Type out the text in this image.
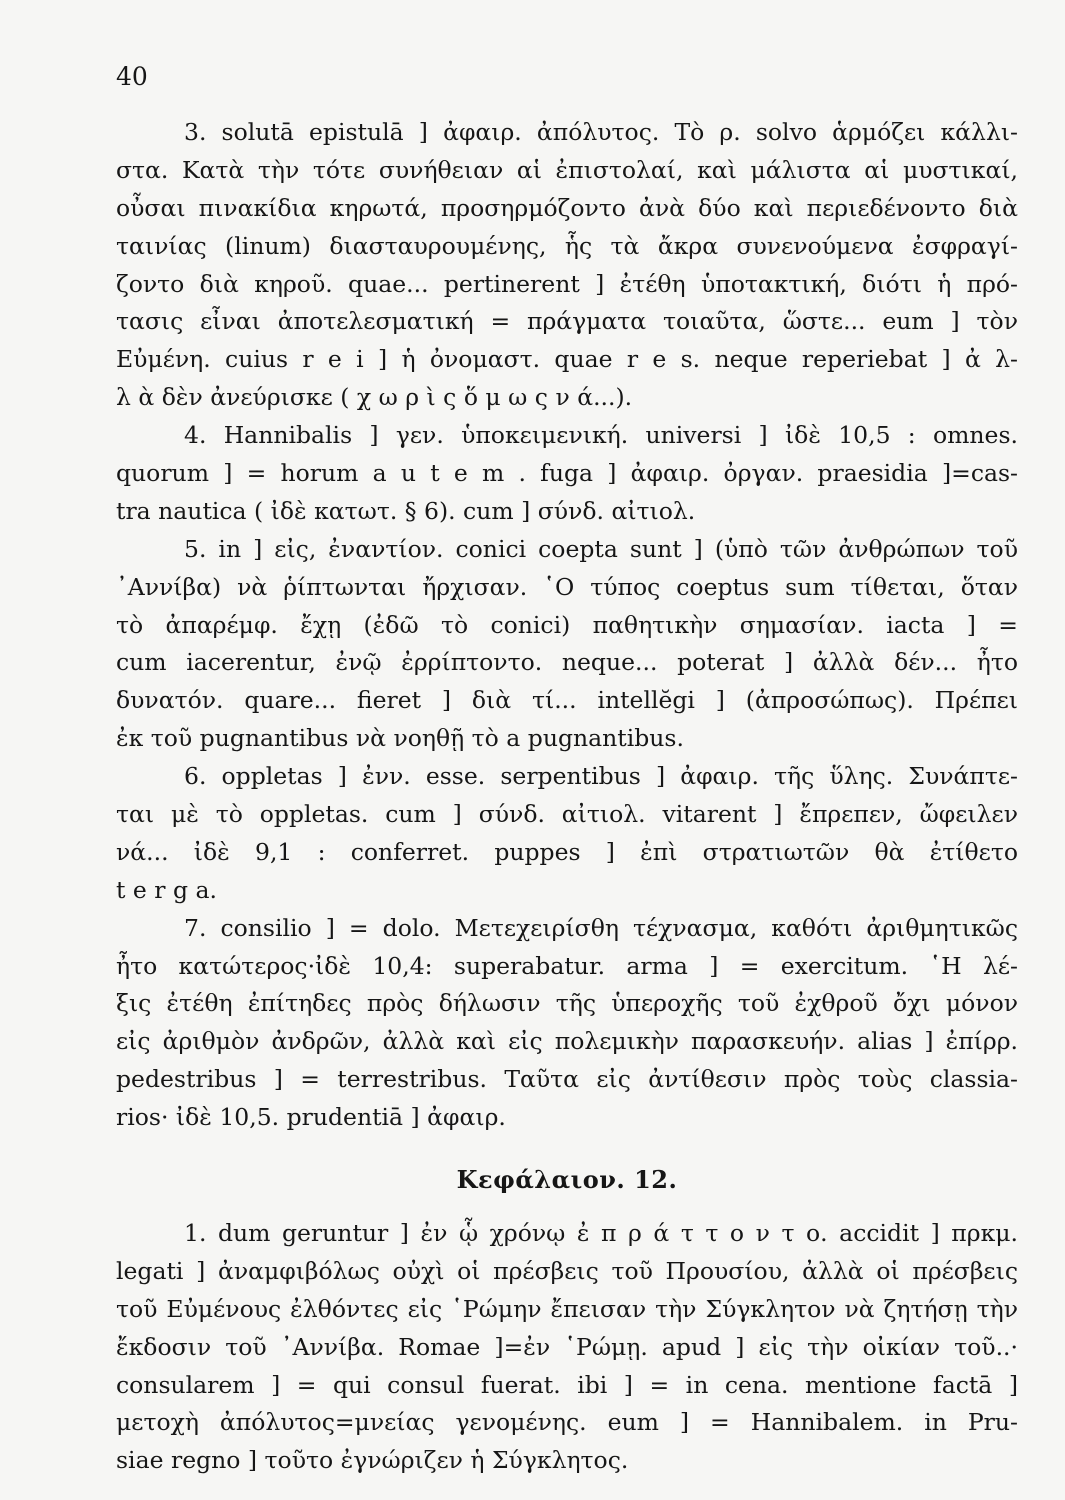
40
3. solutā epistulā ] ἀφαιρ. ἀπόλυτος. Τὸ ρ. solvo ἁρμόζει κάλλι-
στα. Κατὰ τὴν τότε συνήθειαν αἱ ἐπιστολαί, καὶ μάλιστα αἱ μυστικαί,
οὖσαι πινακίδια κηρωτά, προσηρμόζοντο ἀνὰ δύο καὶ περιεδένοντο διὰ
ταινίας (linum) διασταυρουμένης, ἧς τὰ ἄκρα συνενούμενα ἐσφραγί-
ζοντο διὰ κηροῦ. quae... pertinerent ] ἐτέθη ὑποτακτική, διότι ἡ πρό-
τασις εἶναι ἀποτελεσματική = πράγματα τοιαῦτα, ὥστε... eum ] τὸν
Εὐμένη. cuius r e i ] ἡ ὀνομαστ. quae r e s. neque reperiebat ] ἀ λ-
λ ὰ δὲν ἀνεύρισκε ( χ ω ρ ὶ ς ὅ μ ω ς ν ά...).
4. Hannibalis ] γεν. ὑποκειμενική. universi ] ἰδὲ 10,5 : omnes.
quorum ] = horum a u t e m . fuga ] ἀφαιρ. ὀργαν. praesidia ]=cas-
tra nautica ( ἰδὲ κατωτ. § 6). cum ] σύνδ. αἰτιολ.
5. in ] εἰς, ἐναντίον. conici coepta sunt ] (ὑπὸ τῶν ἀνθρώπων τοῦ
᾿Αννίβα) νὰ ῥίπτωνται ἤρχισαν. ῾Ο τύπος coeptus sum τίθεται, ὅταν
τὸ ἀπαρέμφ. ἔχῃ (ἐδῶ τὸ conici) παθητικὴν σημασίαν. iacta ] =
cum iacerentur, ἐνῷ ἐρρίπτοντο. neque... poterat ] ἀλλὰ δέν... ἦτο
δυνατόν. quare... fieret ] διὰ τί... intellĕgi ] (ἀπροσώπως). Πρέπει
ἐκ τοῦ pugnantibus νὰ νοηθῇ τὸ a pugnantibus.
6. oppletas ] ἐνν. esse. serpentibus ] ἀφαιρ. τῆς ὕλης. Συνάπτε-
ται μὲ τὸ oppletas. cum ] σύνδ. αἰτιολ. vitarent ] ἔπρεπεν, ὤφειλεν
νά... ἰδὲ 9,1 : conferret. puppes ] ἐπὶ στρατιωτῶν θὰ ἐτίθετο
t e r g a.
7. consilio ] = dolo. Μετεχειρίσθη τέχνασμα, καθότι ἀριθμητικῶς
ἦτο κατώτερος·ἰδὲ 10,4: superabatur. arma ] = exercitum. ῾Η λέ-
ξις ἐτέθη ἐπίτηδες πρὸς δήλωσιν τῆς ὑπεροχῆς τοῦ ἐχθροῦ ὄχι μόνον
εἰς ἀριθμὸν ἀνδρῶν, ἀλλὰ καὶ εἰς πολεμικὴν παρασκευήν. alias ] ἐπίρρ.
pedestribus ] = terrestribus. Ταῦτα εἰς ἀντίθεσιν πρὸς τοὺς classia-
rios· ἰδὲ 10,5. prudentiā ] ἀφαιρ.
Κεφάλαιον. 12.
1. dum geruntur ] ἐν ᾧ χρόνῳ ἐ π ρ ά τ τ ο ν τ ο. accidit ] πρκμ.
legati ] ἀναμφιβόλως οὐχὶ οἱ πρέσβεις τοῦ Προυσίου, ἀλλὰ οἱ πρέσβεις
τοῦ Εὐμένους ἐλθόντες εἰς ῾Ρώμην ἔπεισαν τὴν Σύγκλητον νὰ ζητήσῃ τὴν
ἔκδοσιν τοῦ ᾿Αννίβα. Romae ]=ἐν ῾Ρώμῃ. apud ] εἰς τὴν οἰκίαν τοῦ..·
consularem ] = qui consul fuerat. ibi ] = in cena. mentione factā ]
μετοχὴ ἀπόλυτος=μνείας γενομένης. eum ] = Hannibalem. in Pru-
siae regno ] τοῦτο ἐγνώριζεν ἡ Σύγκλητος.
